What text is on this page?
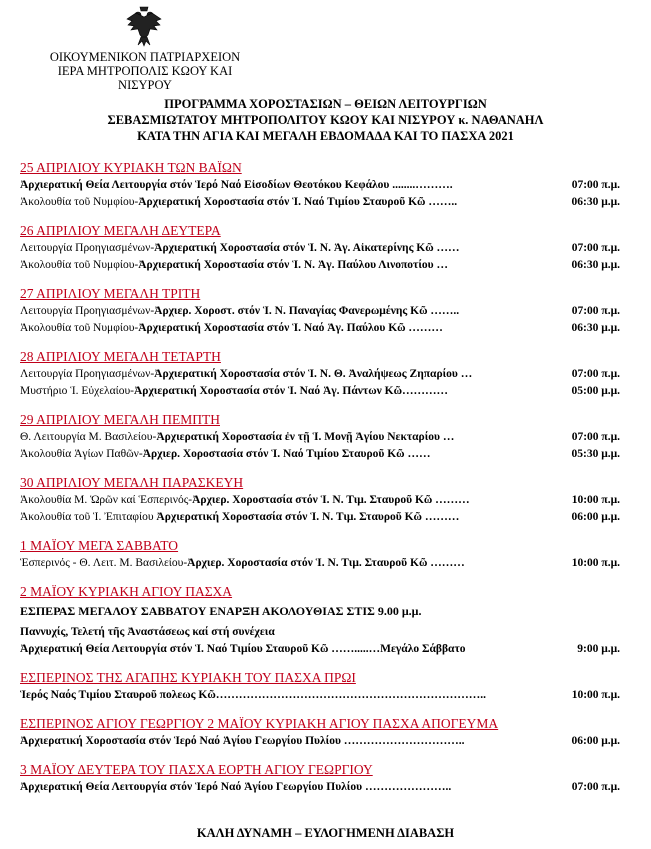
ΟΙΚΟΥΜΕΝΙΚΟΝ ΠΑΤΡΙΑΡΧΕΙΟΝ
ΙΕΡΑ ΜΗΤΡΟΠΟΛΙΣ ΚΩΟΥ ΚΑΙ ΝΙΣΥΡΟΥ
ΠΡΟΓΡΑΜΜΑ ΧΟΡΟΣΤΑΣΙΩΝ – ΘΕΙΩΝ ΛΕΙΤΟΥΡΓΙΩΝ
ΣΕΒΑΣΜΙΩΤΑΤΟΥ ΜΗΤΡΟΠΟΛΙΤΟΥ ΚΩΟΥ ΚΑΙ ΝΙΣΥΡΟΥ κ. ΝΑΘΑΝΑΗΛ
ΚΑΤΑ ΤΗΝ ΑΓΙΑ ΚΑΙ ΜΕΓΑΛΗ ΕΒΔΟΜΑΔΑ ΚΑΙ ΤΟ ΠΑΣΧΑ 2021
25 ΑΠΡΙΛΙΟΥ ΚΥΡΙΑΚΗ ΤΩΝ ΒΑΪΩΝ
Ἀρχιερατική Θεία Λειτουργία στόν Ἱερό Ναό Εἰσοδίων Θεοτόκου Κεφάλου ........……….	07:00 π.μ.
Ἀκολουθία τοῦ Νυμφίου-Ἀρχιερατική Χοροστασία στόν Ἱ. Ναό Τιμίου Σταυροῦ Κῶ ……..	06:30 μ.μ.
26 ΑΠΡΙΛΙΟΥ ΜΕΓΑΛΗ ΔΕΥΤΕΡΑ
Λειτουργία Προηγιασμένων-Ἀρχιερατική Χοροστασία στόν Ἱ. Ν. Ἁγ. Αἰκατερίνης Κῶ ……	07:00 π.μ.
Ἀκολουθία τοῦ Νυμφίου-Ἀρχιερατική Χοροστασία στόν Ἱ. Ν. Ἁγ. Παύλου Λινοποτίου …	06:30 μ.μ.
27 ΑΠΡΙΛΙΟΥ ΜΕΓΑΛΗ ΤΡΙΤΗ
Λειτουργία Προηγιασμένων-Ἀρχιερ. Χοροστ. στόν Ἱ. Ν. Παναγίας Φανερωμένης Κῶ ……..	07:00 π.μ.
Ἀκολουθία τοῦ Νυμφίου-Ἀρχιερατική Χοροστασία στόν Ἱ. Ναό Ἁγ. Παύλου Κῶ ………	06:30 μ.μ.
28 ΑΠΡΙΛΙΟΥ ΜΕΓΑΛΗ ΤΕΤΑΡΤΗ
Λειτουργία Προηγιασμένων-Ἀρχιερατική Χοροστασία στόν Ἱ. Ν. Θ. Ἀναλήψεως Ζηπαρίου …	07:00 π.μ.
Μυστήριο Ἱ. Εὐχελαίου-Ἀρχιερατική Χοροστασία στόν Ἱ. Ναό Ἁγ. Πάντων Κῶ…………	05:00 μ.μ.
29 ΑΠΡΙΛΙΟΥ ΜΕΓΑΛΗ ΠΕΜΠΤΗ
Θ. Λειτουργία Μ. Βασιλείου-Ἀρχιερατική Χοροστασία ἐν τῇ Ἱ. Μονῇ Ἁγίου Νεκταρίου …	07:00 π.μ.
Ἀκολουθία Ἁγίων Παθῶν-Ἀρχιερ. Χοροστασία στόν Ἱ. Ναό Τιμίου Σταυροῦ Κῶ ……	05:30 μ.μ.
30 ΑΠΡΙΛΙΟΥ ΜΕΓΑΛΗ ΠΑΡΑΣΚΕΥΗ
Ἀκολουθία Μ. Ὡρῶν καί Ἑσπερινός-Ἀρχιερ. Χοροστασία στόν Ἱ. Ν. Τιμ. Σταυροῦ Κῶ ………	10:00 π.μ.
Ἀκολουθία τοῦ Ἱ. Ἐπιταφίου Ἀρχιερατική Χοροστασία στόν Ἱ. Ν. Τιμ. Σταυροῦ Κῶ ………	06:00 μ.μ.
1 ΜΑΪΟΥ ΜΕΓΑ ΣΑΒΒΑΤΟ
Ἑσπερινός - Θ. Λειτ. Μ. Βασιλείου-Ἀρχιερ. Χοροστασία στόν Ἱ. Ν. Τιμ. Σταυροῦ Κῶ ………	10:00 π.μ.
2 ΜΑΪΟΥ ΚΥΡΙΑΚΗ ΑΓΙΟΥ ΠΑΣΧΑ
ΕΣΠΕΡΑΣ ΜΕΓΑΛΟΥ ΣΑΒΒΑΤΟΥ ΕΝΑΡΞΗ ΑΚΟΛΟΥΘΙΑΣ ΣΤΙΣ 9.00 μ.μ.
Παννυχίς, Τελετή τῆς Ἀναστάσεως καί στή συνέχεια
Ἀρχιερατική Θεία Λειτουργία στόν Ἱ. Ναό Τιμίου Σταυροῦ Κῶ …….....…Μεγάλο Σάββατο	9:00 μ.μ.
ΕΣΠΕΡΙΝΟΣ ΤΗΣ ΑΓΑΠΗΣ ΚΥΡΙΑΚΗ ΤΟΥ ΠΑΣΧΑ ΠΡΩΙ
Ἱερός Ναός Τιμίου Σταυροῦ πολεως Κῶ……………………………………………………………..	10:00 π.μ.
ΕΣΠΕΡΙΝΟΣ ΑΓΙΟΥ ΓΕΩΡΓΙΟΥ 2 ΜΑΪΟΥ ΚΥΡΙΑΚΗ ΑΓΙΟΥ ΠΑΣΧΑ ΑΠΟΓΕΥΜΑ
Ἀρχιερατική Χοροστασία στόν Ἱερό Ναό Ἁγίου Γεωργίου Πυλίου …………………………..	06:00 μ.μ.
3 ΜΑΪΟΥ ΔΕΥΤΕΡΑ ΤΟΥ ΠΑΣΧΑ ΕΟΡΤΗ ΑΓΙΟΥ ΓΕΩΡΓΙΟΥ
Ἀρχιερατική Θεία Λειτουργία στόν Ἱερό Ναό Ἁγίου Γεωργίου Πυλίου …………………..	07:00 π.μ.
ΚΑΛΗ ΔΥΝΑΜΗ – ΕΥΛΟΓΗΜΕΝΗ ΔΙΑΒΑΣΗ
